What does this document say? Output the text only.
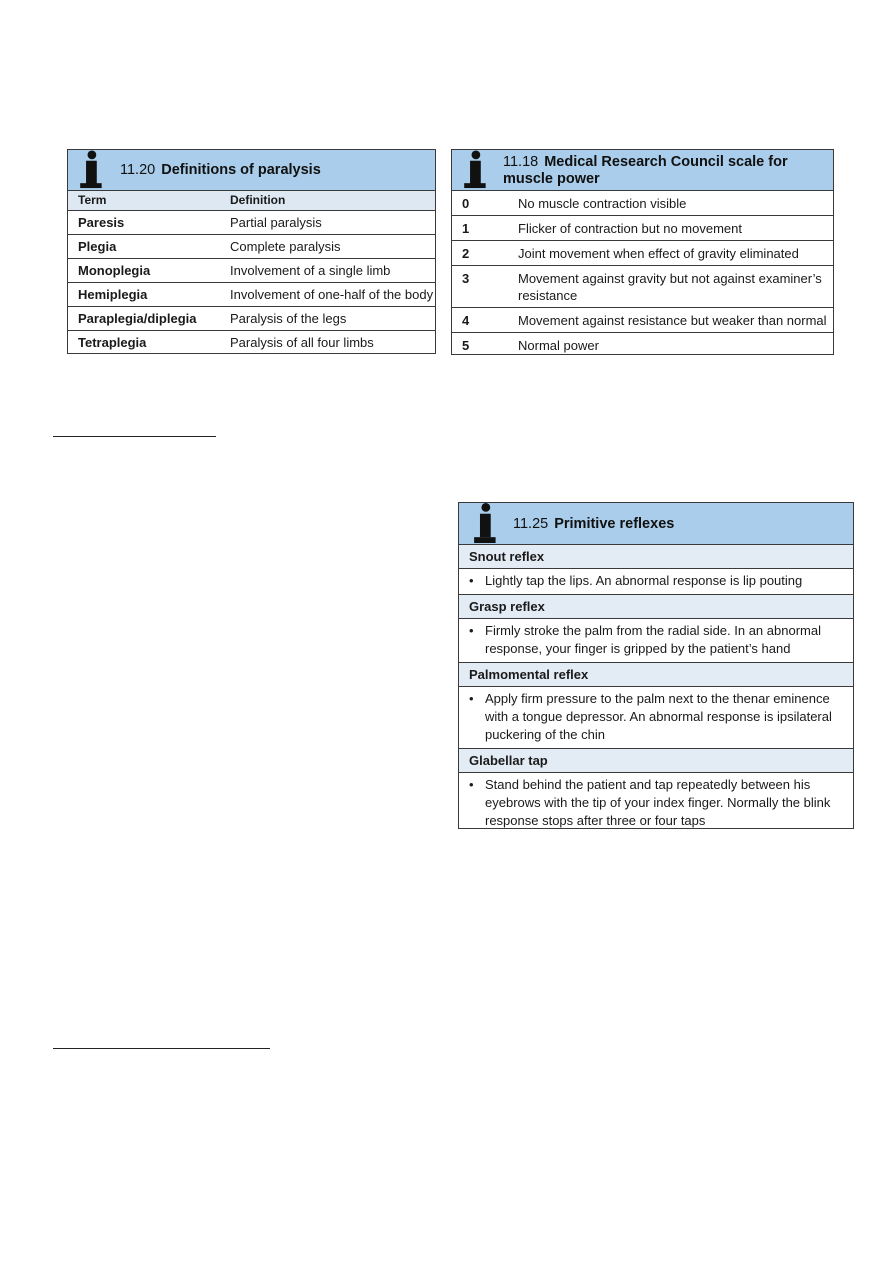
11.20 Definitions of paralysis
Term	Definition
Paresis	Partial paralysis
Plegia	Complete paralysis
Monoplegia	Involvement of a single limb
Hemiplegia	Involvement of one-half of the body
Paraplegia/diplegia	Paralysis of the legs
Tetraplegia	Paralysis of all four limbs
11.18 Medical Research Council scale for
muscle power
0	No muscle contraction visible
1	Flicker of contraction but no movement
2	Joint movement when effect of gravity eliminated
3	Movement against gravity but not against examiner’s resistance
4	Movement against resistance but weaker than normal
5	Normal power
11.25 Primitive reflexes
Snout reflex
• Lightly tap the lips. An abnormal response is lip pouting
Grasp reflex
• Firmly stroke the palm from the radial side. In an abnormal response, your finger is gripped by the patient’s hand
Palmomental reflex
• Apply firm pressure to the palm next to the thenar eminence with a tongue depressor. An abnormal response is ipsilateral puckering of the chin
Glabellar tap
• Stand behind the patient and tap repeatedly between his eyebrows with the tip of your index finger. Normally the blink response stops after three or four taps
